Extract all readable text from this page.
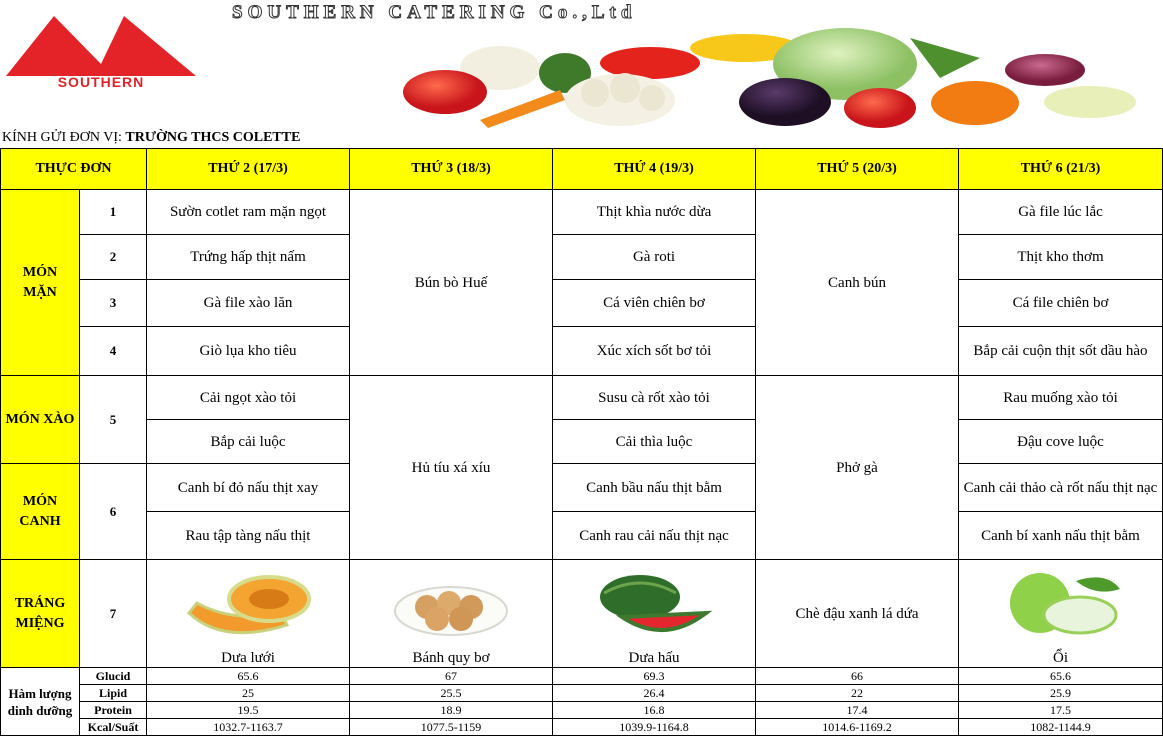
SOUTHERN
SOUTHERN CATERING Co.,Ltd
KÍNH GỬI ĐƠN VỊ: TRƯỜNG THCS COLETTE
THỰC ĐƠN		THỨ 2 (17/3)	THỨ 3 (18/3)	THỨ 4 (19/3)	THỨ 5 (20/3)	THỨ 6 (21/3)
MÓN MẶN	1	Sườn cotlet ram mặn ngọt	Bún bò Huế	Thịt khìa nước dừa	Canh bún	Gà file lúc lắc
	2	Trứng hấp thịt nấm		Gà roti		Thịt kho thơm
	3	Gà file xào lăn		Cá viên chiên bơ		Cá file chiên bơ
	4	Giò lụa kho tiêu		Xúc xích sốt bơ tỏi		Bắp cải cuộn thịt sốt dầu hào
MÓN XÀO	5	Cải ngọt xào tỏi	Hủ tíu xá xíu	Susu cà rốt xào tỏi	Phở gà	Rau muống xào tỏi
		Bắp cải luộc		Cải thìa luộc		Đậu cove luộc
MÓN CANH	6	Canh bí đỏ nấu thịt xay		Canh bầu nấu thịt bằm		Canh cải thảo cà rốt nấu thịt nạc
		Rau tập tàng nấu thịt		Canh rau cải nấu thịt nạc		Canh bí xanh nấu thịt bằm
TRÁNG MIỆNG	7	Dưa lưới	Bánh quy bơ	Dưa hấu	Chè đậu xanh lá dứa	Ổi
Hàm lượng dinh dưỡng	Glucid	65.6	67	69.3	66	65.6
	Lipid	25	25.5	26.4	22	25.9
	Protein	19.5	18.9	16.8	17.4	17.5
	Kcal/Suất	1032.7-1163.7	1077.5-1159	1039.9-1164.8	1014.6-1169.2	1082-1144.9
